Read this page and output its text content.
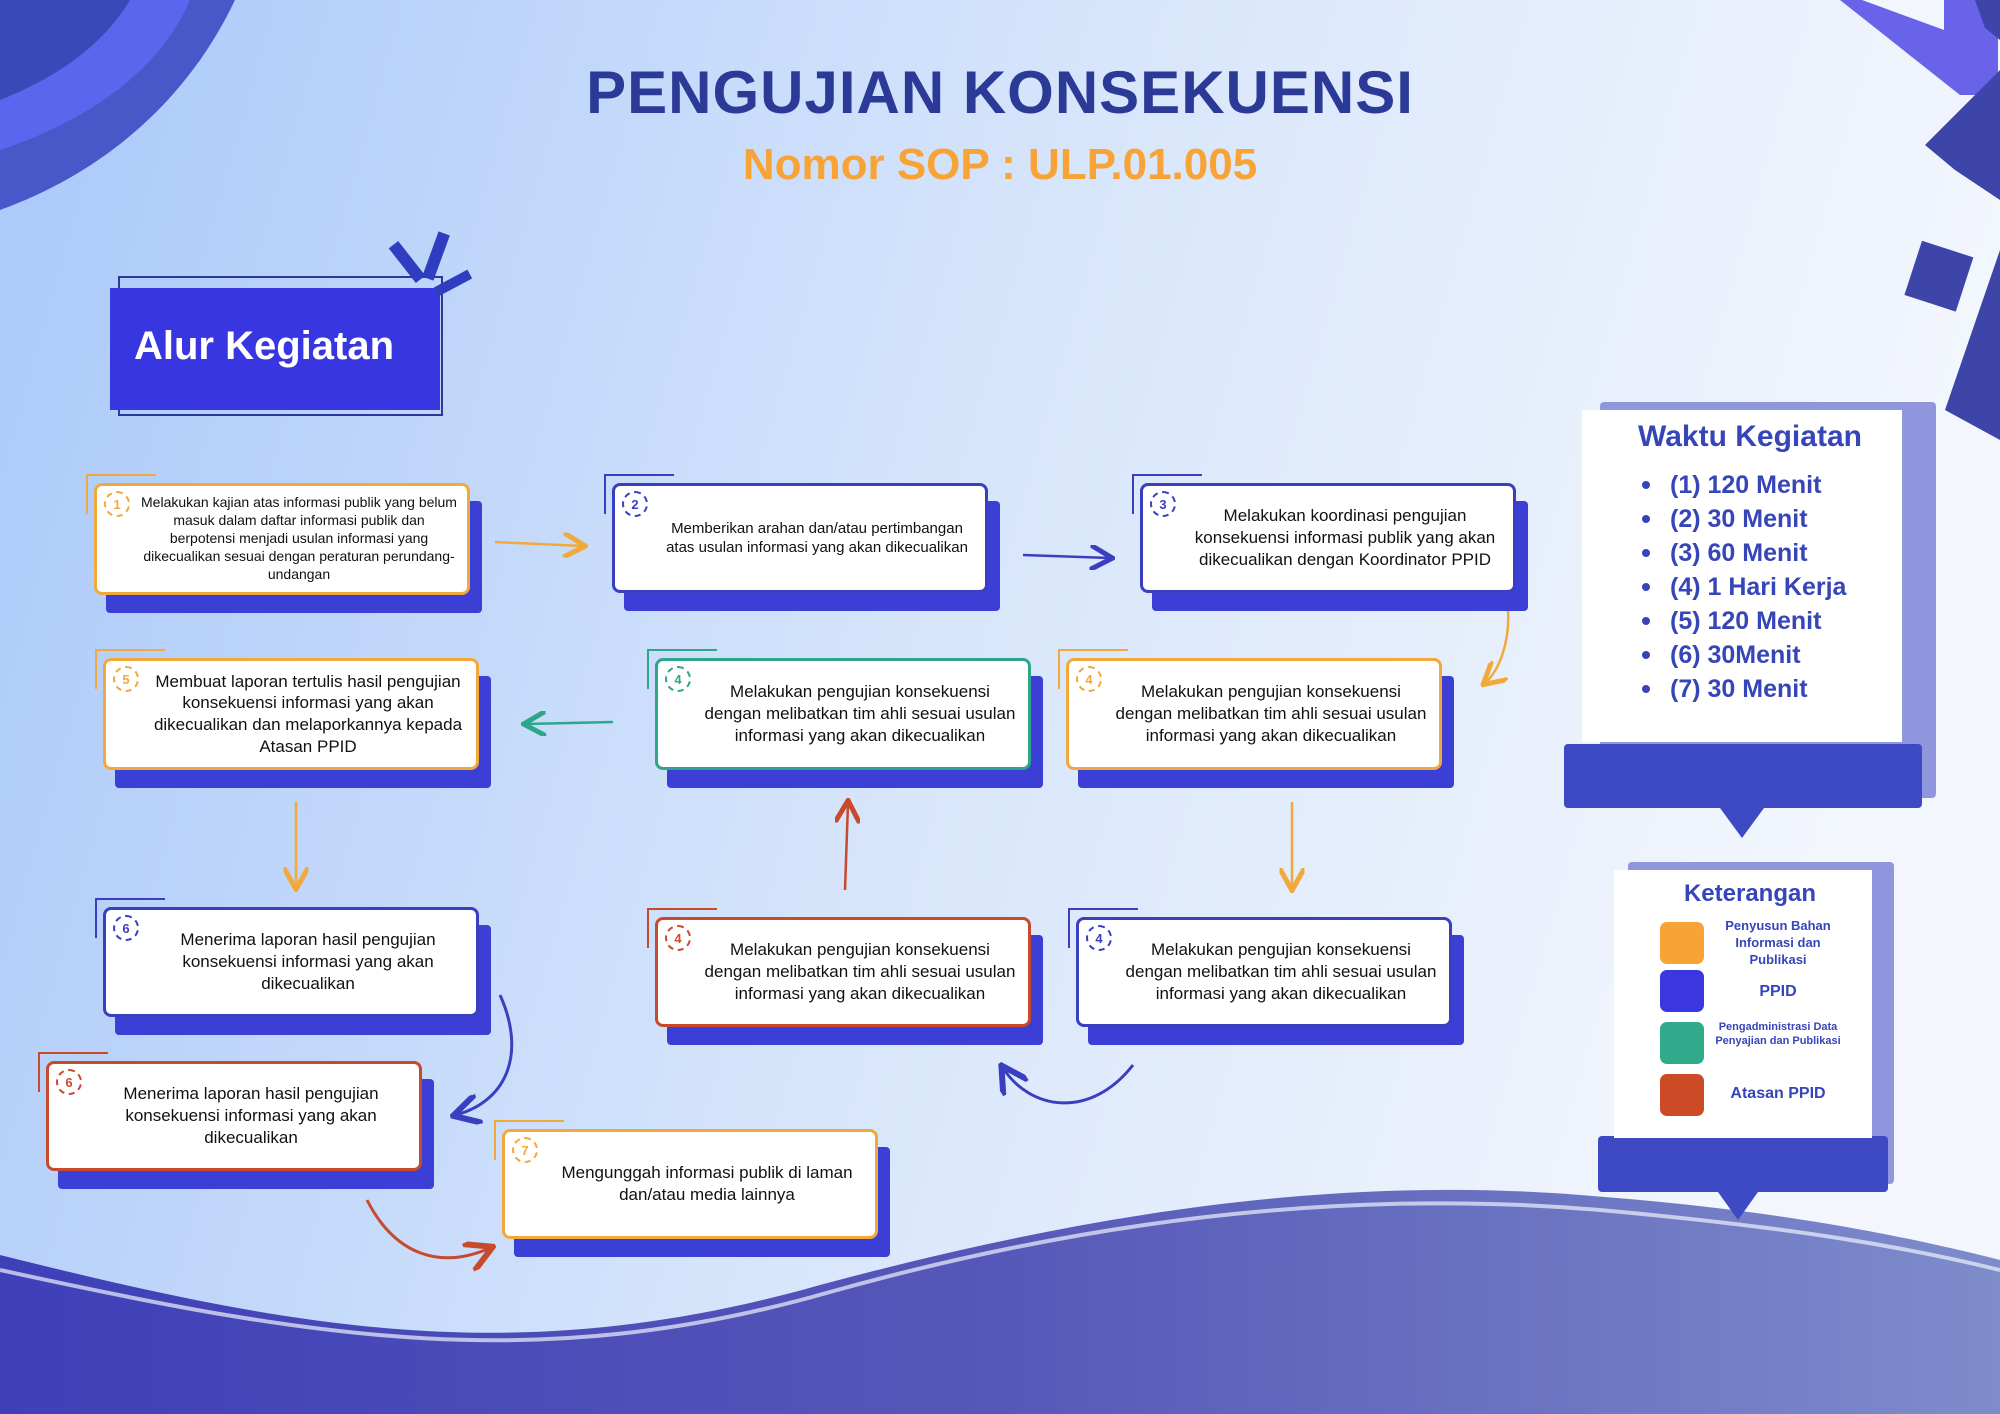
PENGUJIAN KONSEKUENSI
Nomor SOP : ULP.01.005
Alur Kegiatan
1	Melakukan kajian atas informasi publik yang belum masuk dalam daftar informasi publik dan berpotensi menjadi usulan informasi yang dikecualikan sesuai dengan peraturan perundang-undangan
2
Memberikan arahan dan/atau pertimbangan atas usulan informasi yang akan dikecualikan
3
Melakukan koordinasi pengujian konsekuensi informasi publik yang akan dikecualikan dengan Koordinator PPID
4
Melakukan pengujian konsekuensi dengan melibatkan tim ahli sesuai usulan informasi yang akan dikecualikan
4
Melakukan pengujian konsekuensi dengan melibatkan tim ahli sesuai usulan informasi yang akan dikecualikan
4
Melakukan pengujian konsekuensi dengan melibatkan tim ahli sesuai usulan informasi yang akan dikecualikan
4
Melakukan pengujian konsekuensi dengan melibatkan tim ahli sesuai usulan informasi yang akan dikecualikan
5	Membuat laporan tertulis hasil pengujian konsekuensi informasi yang akan dikecualikan dan melaporkannya kepada Atasan PPID
6
Menerima laporan hasil pengujian konsekuensi informasi yang akan dikecualikan
6
Menerima laporan hasil pengujian konsekuensi informasi yang akan dikecualikan
7
Mengunggah informasi publik di laman dan/atau media lainnya
Waktu Kegiatan
(1) 120 Menit
(2) 30 Menit
(3) 60 Menit
(4) 1 Hari Kerja
(5) 120 Menit
(6) 30Menit
(7) 30 Menit
Keterangan
Penyusun Bahan Informasi dan Publikasi
PPID
Pengadministrasi Data Penyajian dan Publikasi
Atasan PPID
